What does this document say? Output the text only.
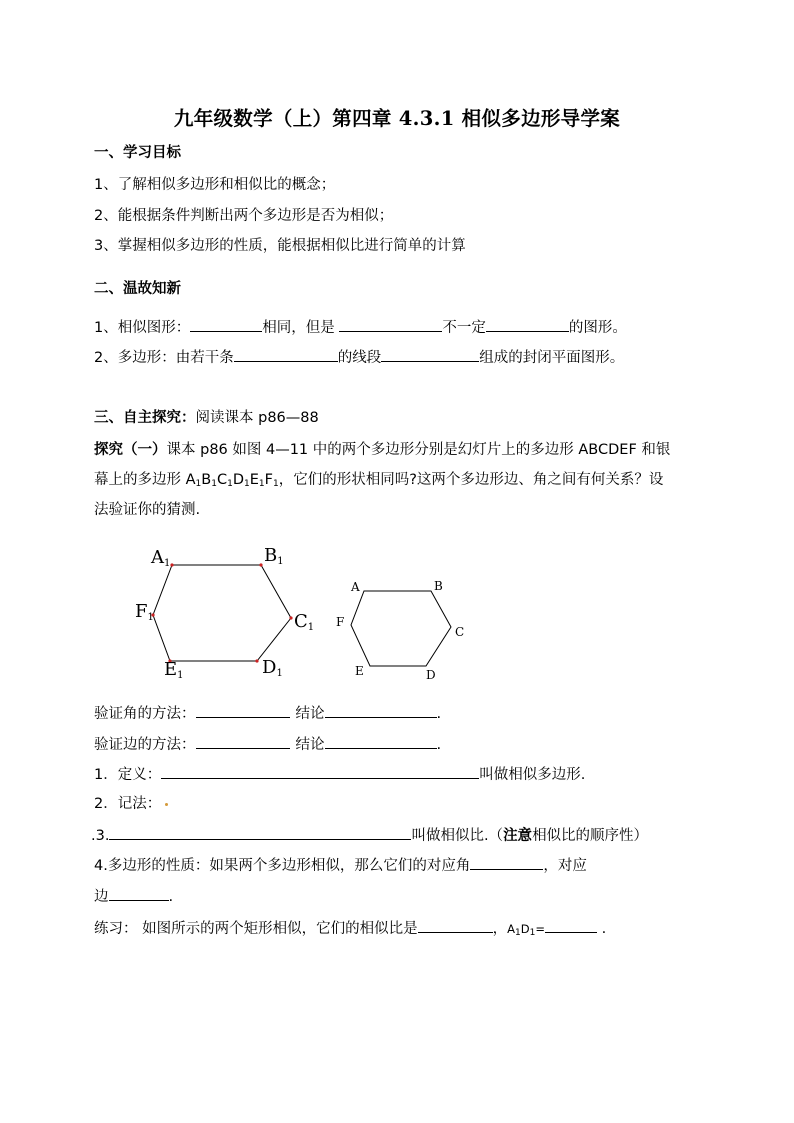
九年级数学（上）第四章 4.3.1 相似多边形导学案
一、学习目标
1、了解相似多边形和相似比的概念；
2、能根据条件判断出两个多边形是否为相似；
3、掌握相似多边形的性质，能根据相似比进行简单的计算
二、温故知新
1、相似图形：	相同，但是	不一定	的图形。
2、多边形：由若干条	的线段	组成的封闭平面图形。
三、自主探究：阅读课本 p86—88
探究（一）课本 p86 如图 4—11 中的两个多边形分别是幻灯片上的多边形 ABCDEF 和银
幕上的多边形 $A_1B_1C_1D_1E_1F_1$，它们的形状相同吗?这两个多边形边、角之间有何关系？设
法验证你的猜测.
A1	B1
C1
D1
E1
F1
A	B
C
D
E
F
验证角的方法：	结论	.
验证边的方法：	结论	.
1．定义：	叫做相似多边形.
2．记法：
.3.	叫做相似比.（注意相似比的顺序性）
4.多边形的性质：如果两个多边形相似，那么它们的对应角	，对应
边	.
练习： 如图所示的两个矩形相似，它们的相似比是	，$A_1D_1=$	.
